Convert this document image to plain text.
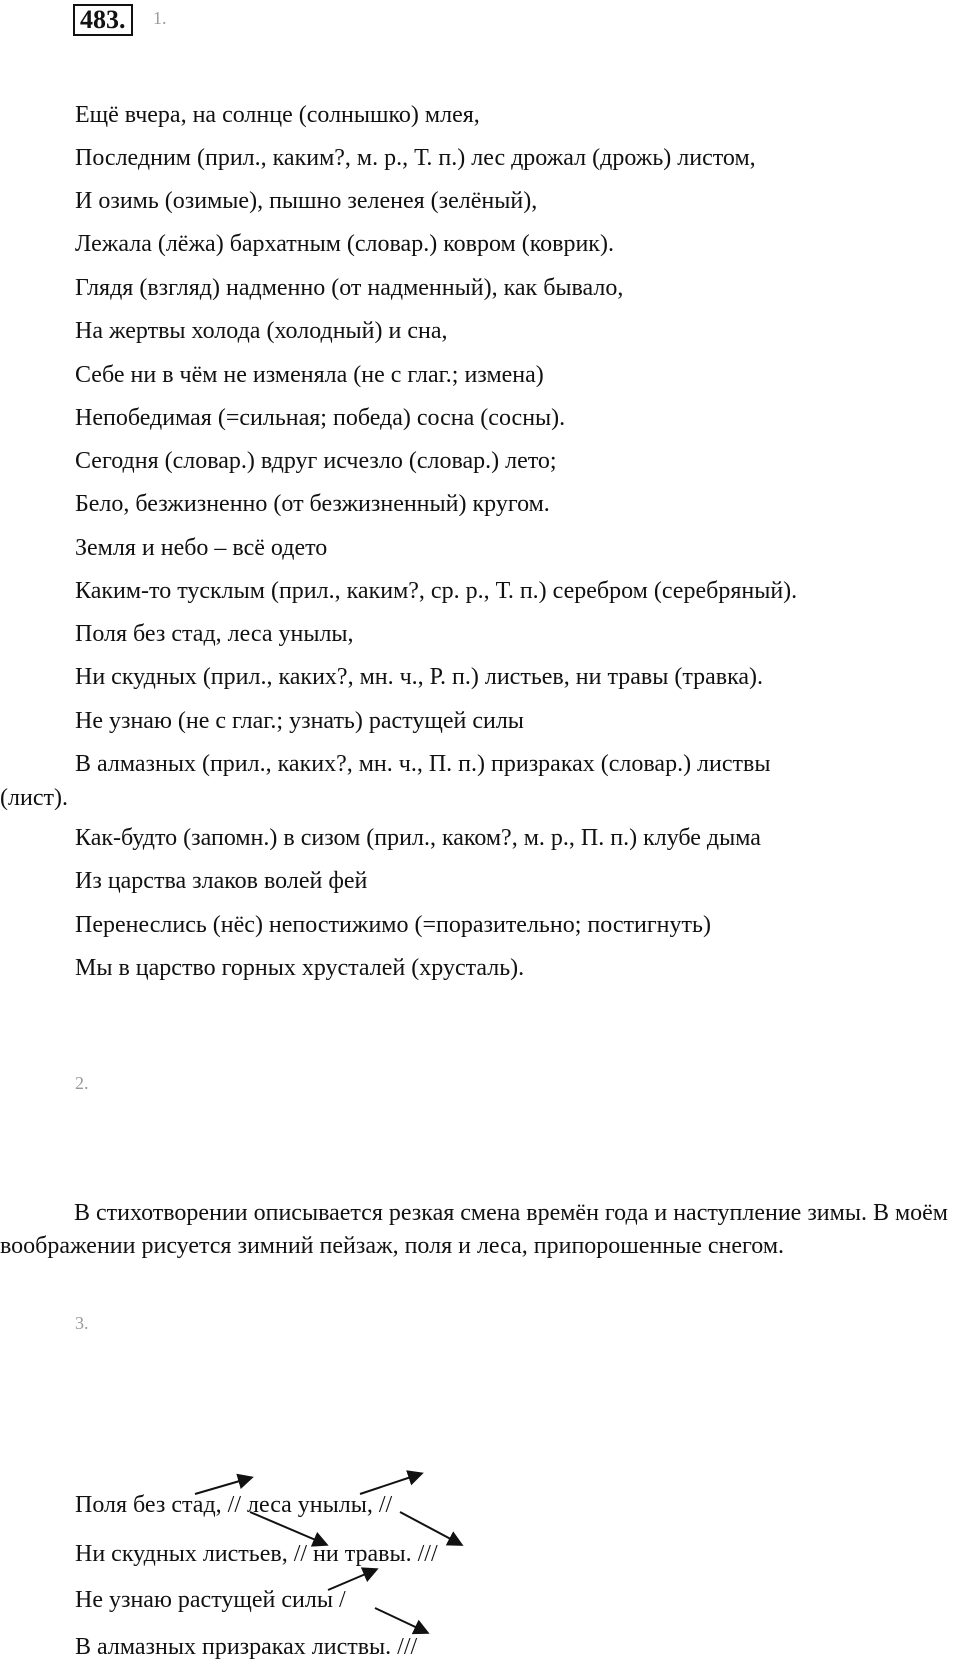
483.	1.
Ещё вчера, на солнце (солнышко) млея,
Последним (прил., каким?, м. р., Т. п.) лес дрожал (дрожь) листом,
И озимь (озимые), пышно зеленея (зелёный),
Лежала (лёжа) бархатным (словар.) ковром (коврик).
Глядя (взгляд) надменно (от надменный), как бывало,
На жертвы холода (холодный) и сна,
Себе ни в чём не изменяла (не с глаг.; измена)
Непобедимая (=сильная; победа) сосна (сосны).
Сегодня (словар.) вдруг исчезло (словар.) лето;
Бело, безжизненно (от безжизненный) кругом.
Земля и небо – всё одето
Каким-то тусклым (прил., каким?, ср. р., Т. п.) серебром (серебряный).
Поля без стад, леса унылы,
Ни скудных (прил., каких?, мн. ч., Р. п.) листьев, ни травы (травка).
Не узнаю (не с глаг.; узнать) растущей силы
В алмазных (прил., каких?, мн. ч., П. п.) призраках (словар.) листвы
(лист).
Как-будто (запомн.) в сизом (прил., каком?, м. р., П. п.) клубе дыма
Из царства злаков волей фей
Перенеслись (нёс) непостижимо (=поразительно; постигнуть)
Мы в царство горных хрусталей (хрусталь).
2.
В стихотворении описывается резкая смена времён года и наступление зимы. В моём воображении рисуется зимний пейзаж, поля и леса, припорошенные снегом.
3.
Поля без стад, // леса унылы, //
Ни скудных листьев, // ни травы. ///
Не узнаю растущей силы /
В алмазных призраках листвы. ///
